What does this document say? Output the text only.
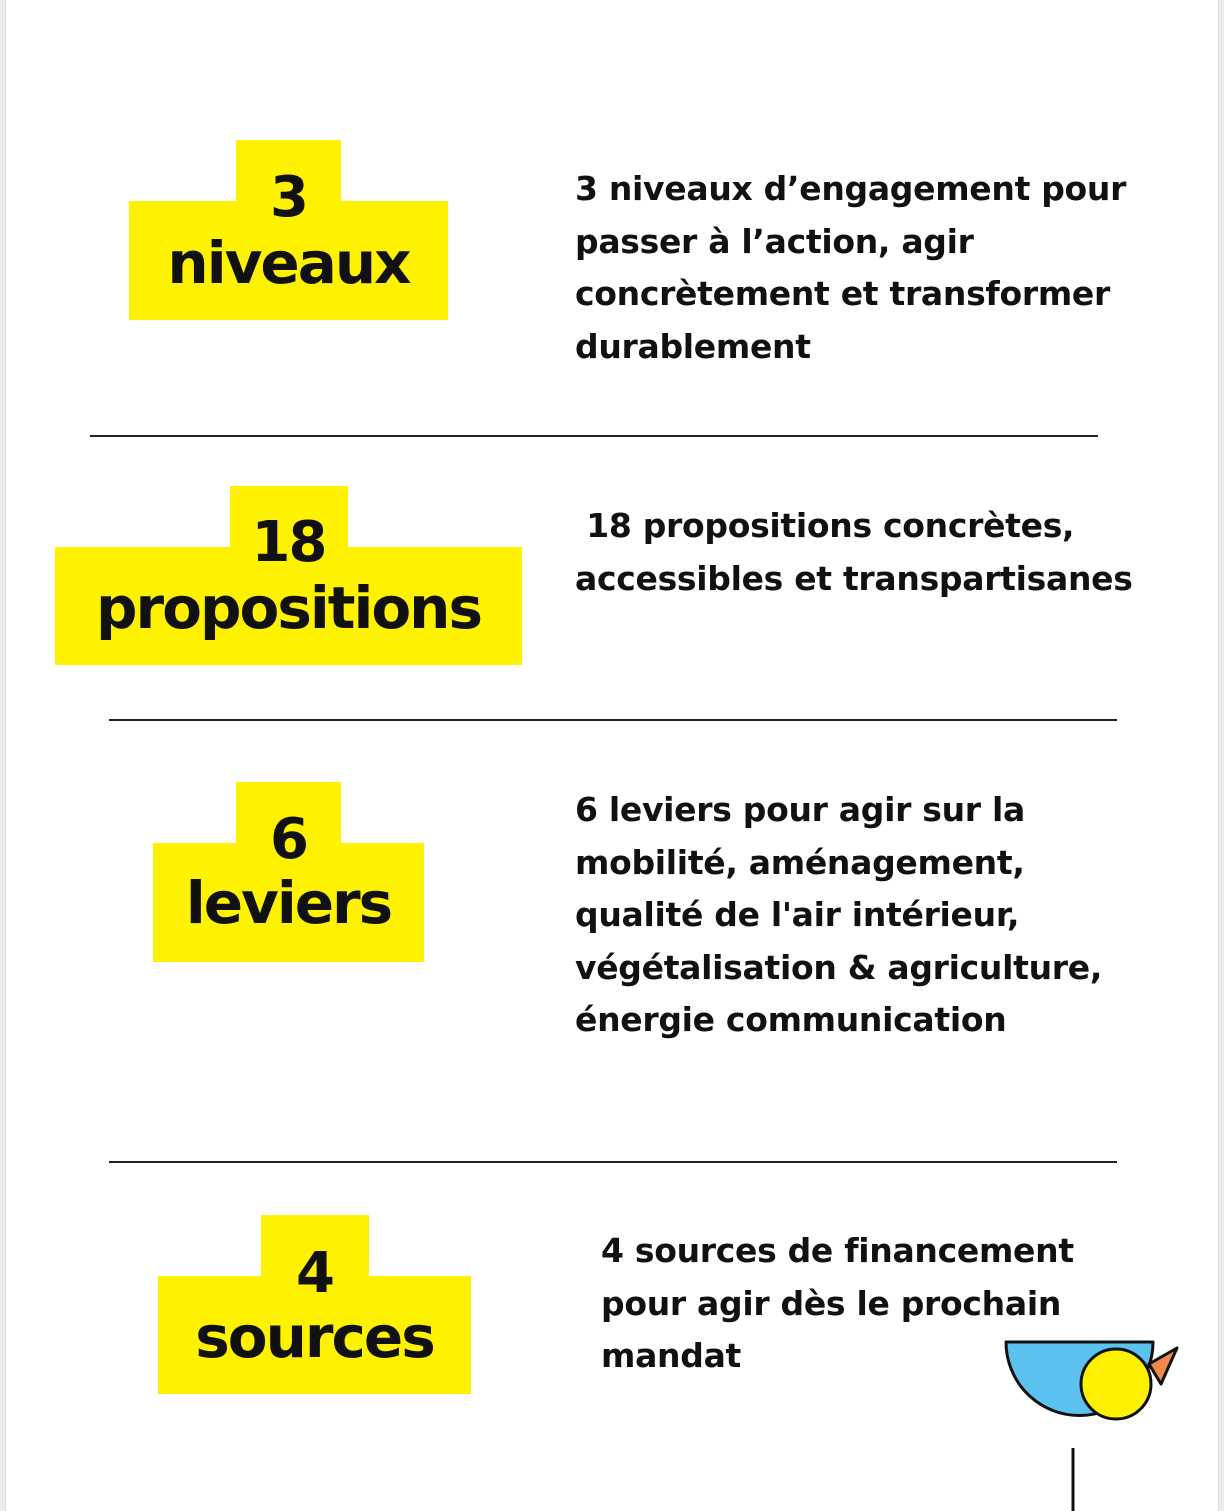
3
niveaux

3 niveaux d’engagement pour passer à l’action, agir concrètement et transformer durablement

18
propositions

18 propositions concrètes, accessibles et transpartisanes

6
leviers

6 leviers pour agir sur la mobilité, aménagement, qualité de l'air intérieur, végétalisation & agriculture, énergie communication

4
sources

4 sources de financement pour agir dès le prochain mandat
